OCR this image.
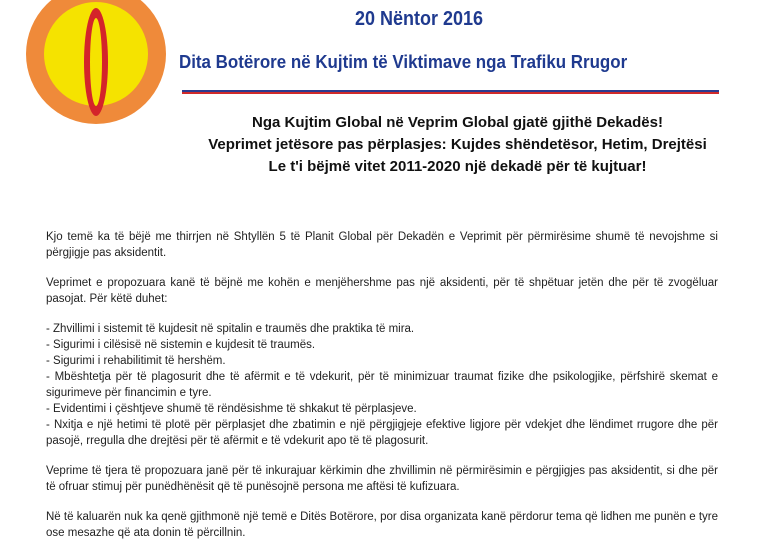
20 Nëntor 2016
Dita Botërore në Kujtim të Viktimave nga Trafiku Rrugor
Nga Kujtim Global në Veprim Global gjatë gjithë Dekadës!
Veprimet jetësore pas përplasjes: Kujdes shëndetësor, Hetim, Drejtësi
Le t'i bëjmë vitet 2011-2020 një dekadë për të kujtuar!

Kjo temë ka të bëjë me thirrjen në Shtyllën 5 të Planit Global për Dekadën e Veprimit për përmirësime shumë të nevojshme si përgjigje pas aksidentit.

Veprimet e propozuara kanë të bëjnë me kohën e menjëhershme pas një aksidenti, për të shpëtuar jetën dhe për të zvogëluar pasojat. Për këtë duhet:

- Zhvillimi i sistemit të kujdesit në spitalin e traumës dhe praktika të mira.
- Sigurimi i cilësisë në sistemin e kujdesit të traumës.
- Sigurimi i rehabilitimit të hershëm.
- Mbështetja për të plagosurit dhe të afërmit e të vdekurit, për të minimizuar traumat fizike dhe psikologjike, përfshirë skemat e sigurimeve për financimin e tyre.
- Evidentimi i çështjeve shumë të rëndësishme të shkakut të përplasjeve.
- Nxitja e një hetimi të plotë për përplasjet dhe zbatimin e një përgjigjeje efektive ligjore për vdekjet dhe lëndimet rrugore dhe për pasojë, rregulla dhe drejtësi për të afërmit e të vdekurit apo të të plagosurit.

Veprime të tjera të propozuara janë për të inkurajuar kërkimin dhe zhvillimin në përmirësimin e përgjigjes pas aksidentit, si dhe për të ofruar stimuj për punëdhënësit që të punësojnë persona me aftësi të kufizuara.

Në të kaluarën nuk ka qenë gjithmonë një temë e Ditës Botërore, por disa organizata kanë përdorur tema që lidhen me punën e tyre ose mesazhe që ata donin të përcillnin.
